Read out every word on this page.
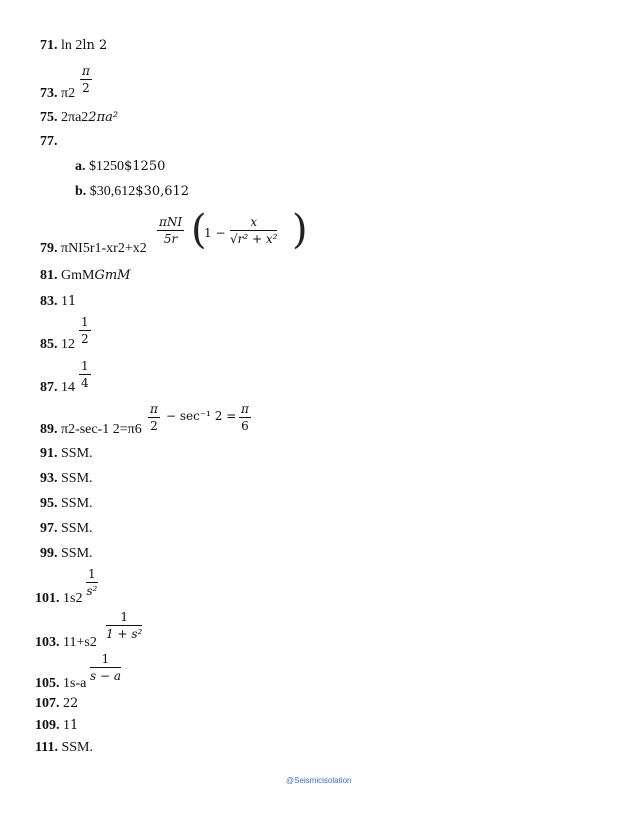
71. ln 2ln 2
73. $\pi 2 \frac{\pi}{2}$
75. 2πa22πa²
77.
a. $1250$1250
b. $30,612$30,612
79. πNI5r1-xr2+x2
πNI
5r (
$1 - \frac{x}{\text{√r² + x²}}$ )
81. GmMGmM
83. 11
85. $12 \frac{1}{2}$
87. $14 \frac{1}{4}$
89. π2-sec-1 $2=\pi 6 \frac{\pi}{2} - \sec^{-1}$ $2 = \frac{\pi}{6}$
91. SSM.
93. SSM.
95. SSM.
97. SSM.
99. SSM.
101. 1s2
$\frac{1}{\text{s²}}$
103. 11+s2
$\frac{1}{\text{1 + s²}}$
105. 1s-a
$\frac{1}{s - a}$
107. 22
109. 11
111. SSM.
@Seismicisolation
